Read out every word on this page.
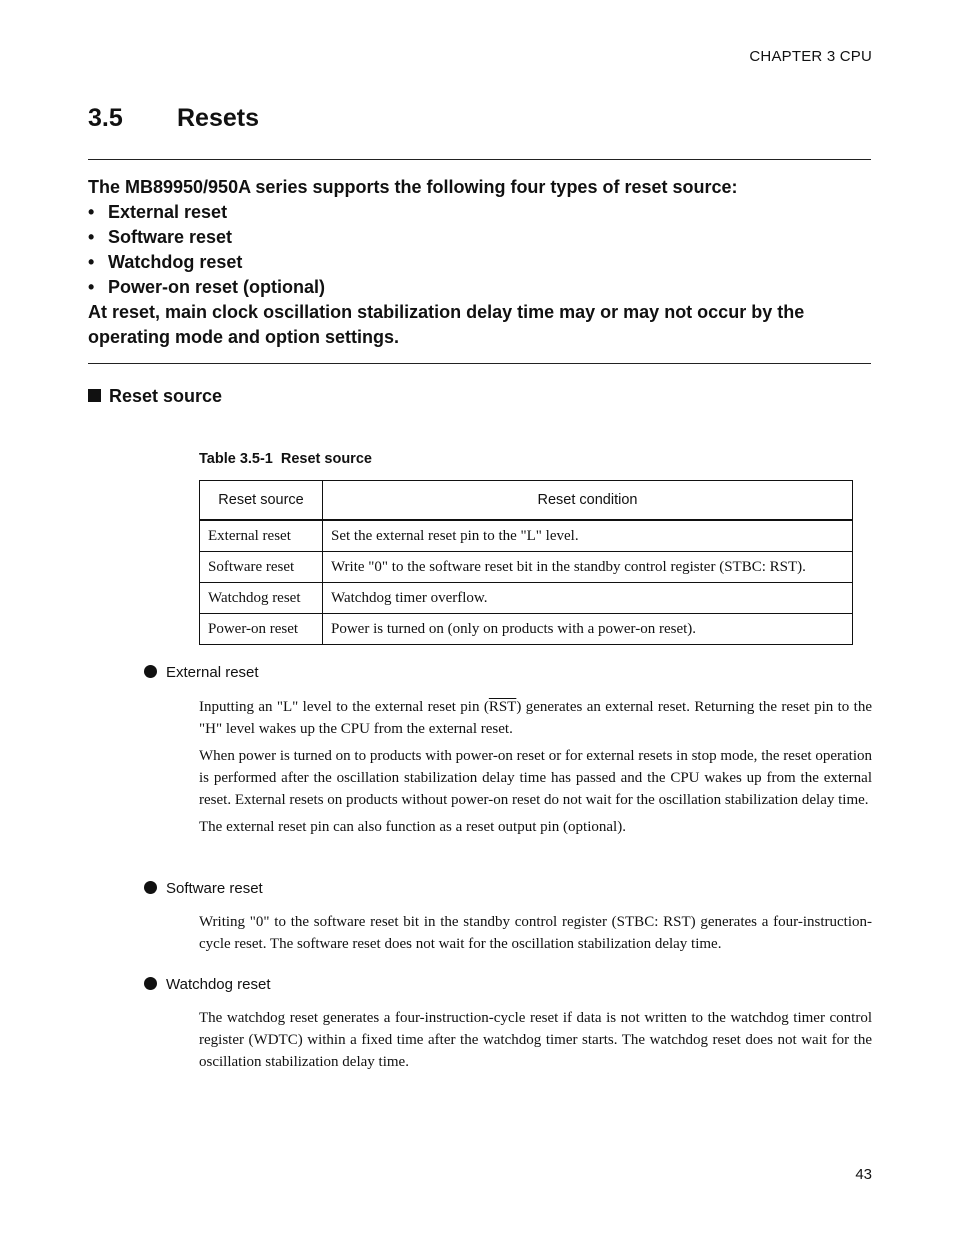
CHAPTER 3 CPU
3.5 Resets
The MB89950/950A series supports the following four types of reset source:
• External reset
• Software reset
• Watchdog reset
• Power-on reset (optional)
At reset, main clock oscillation stabilization delay time may or may not occur by the operating mode and option settings.
Reset source
Table 3.5-1 Reset source
Reset source	Reset condition
External reset	Set the external reset pin to the "L" level.
Software reset	Write "0" to the software reset bit in the standby control register (STBC: RST).
Watchdog reset	Watchdog timer overflow.
Power-on reset	Power is turned on (only on products with a power-on reset).
External reset

Inputting an "L" level to the external reset pin $(\overline{RST})$ generates an external reset. Returning the reset pin to the "H" level wakes up the CPU from the external reset.

When power is turned on to products with power-on reset or for external resets in stop mode, the reset operation is performed after the oscillation stabilization delay time has passed and the CPU wakes up from the external reset. External resets on products without power-on reset do not wait for the oscillation stabilization delay time.

The external reset pin can also function as a reset output pin (optional).

Software reset

Writing "0" to the software reset bit in the standby control register (STBC: RST) generates a four-instruction-cycle reset. The software reset does not wait for the oscillation stabilization delay time.

Watchdog reset

The watchdog reset generates a four-instruction-cycle reset if data is not written to the watchdog timer control register (WDTC) within a fixed time after the watchdog timer starts. The watchdog reset does not wait for the oscillation stabilization delay time.

43
